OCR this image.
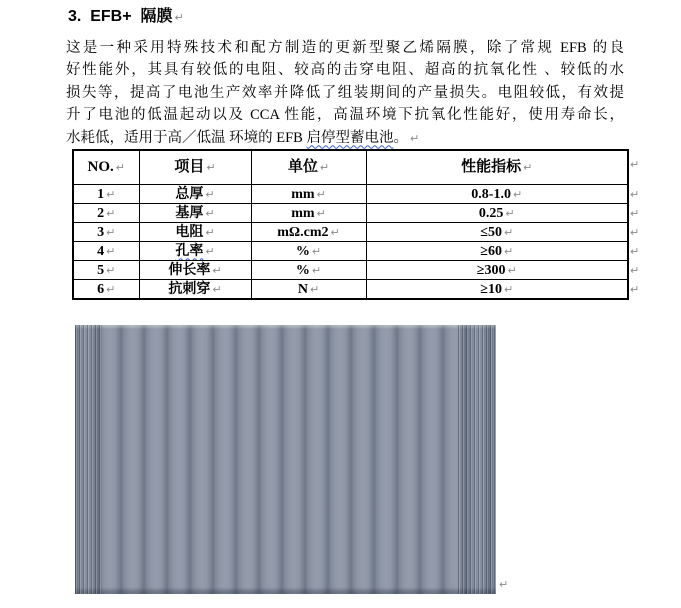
3.  EFB+  隔膜 ↵
这是一种采用特殊技术和配方制造的更新型聚乙烯隔膜，除了常规 EFB 的良
好性能外，其具有较低的电阻、较高的击穿电阻、超高的抗氧化性 、较低的水
损失等，提高了电池生产效率并降低了组装期间的产量损失。电阻较低，有效提
升了电池的低温起动以及 CCA 性能，高温环境下抗氧化性能好，使用寿命长，
水耗低，适用于高／低温 环境的 EFB 启停型蓄电池。 ↵
NO. ↵	项目 ↵	单位 ↵	性能指标 ↵
1 ↵	总厚 ↵	mm ↵	0.8-1.0 ↵
2 ↵	基厚 ↵	mm ↵	0.25 ↵
3 ↵	电阻 ↵	mΩ.cm2 ↵	≤50 ↵
4 ↵	孔率 ↵	% ↵	≥60 ↵
5 ↵	伸长率 ↵	% ↵	≥300 ↵
6 ↵	抗刺穿 ↵	N ↵	≥10 ↵
↵
↵
↵
↵
↵
↵
↵
↵
